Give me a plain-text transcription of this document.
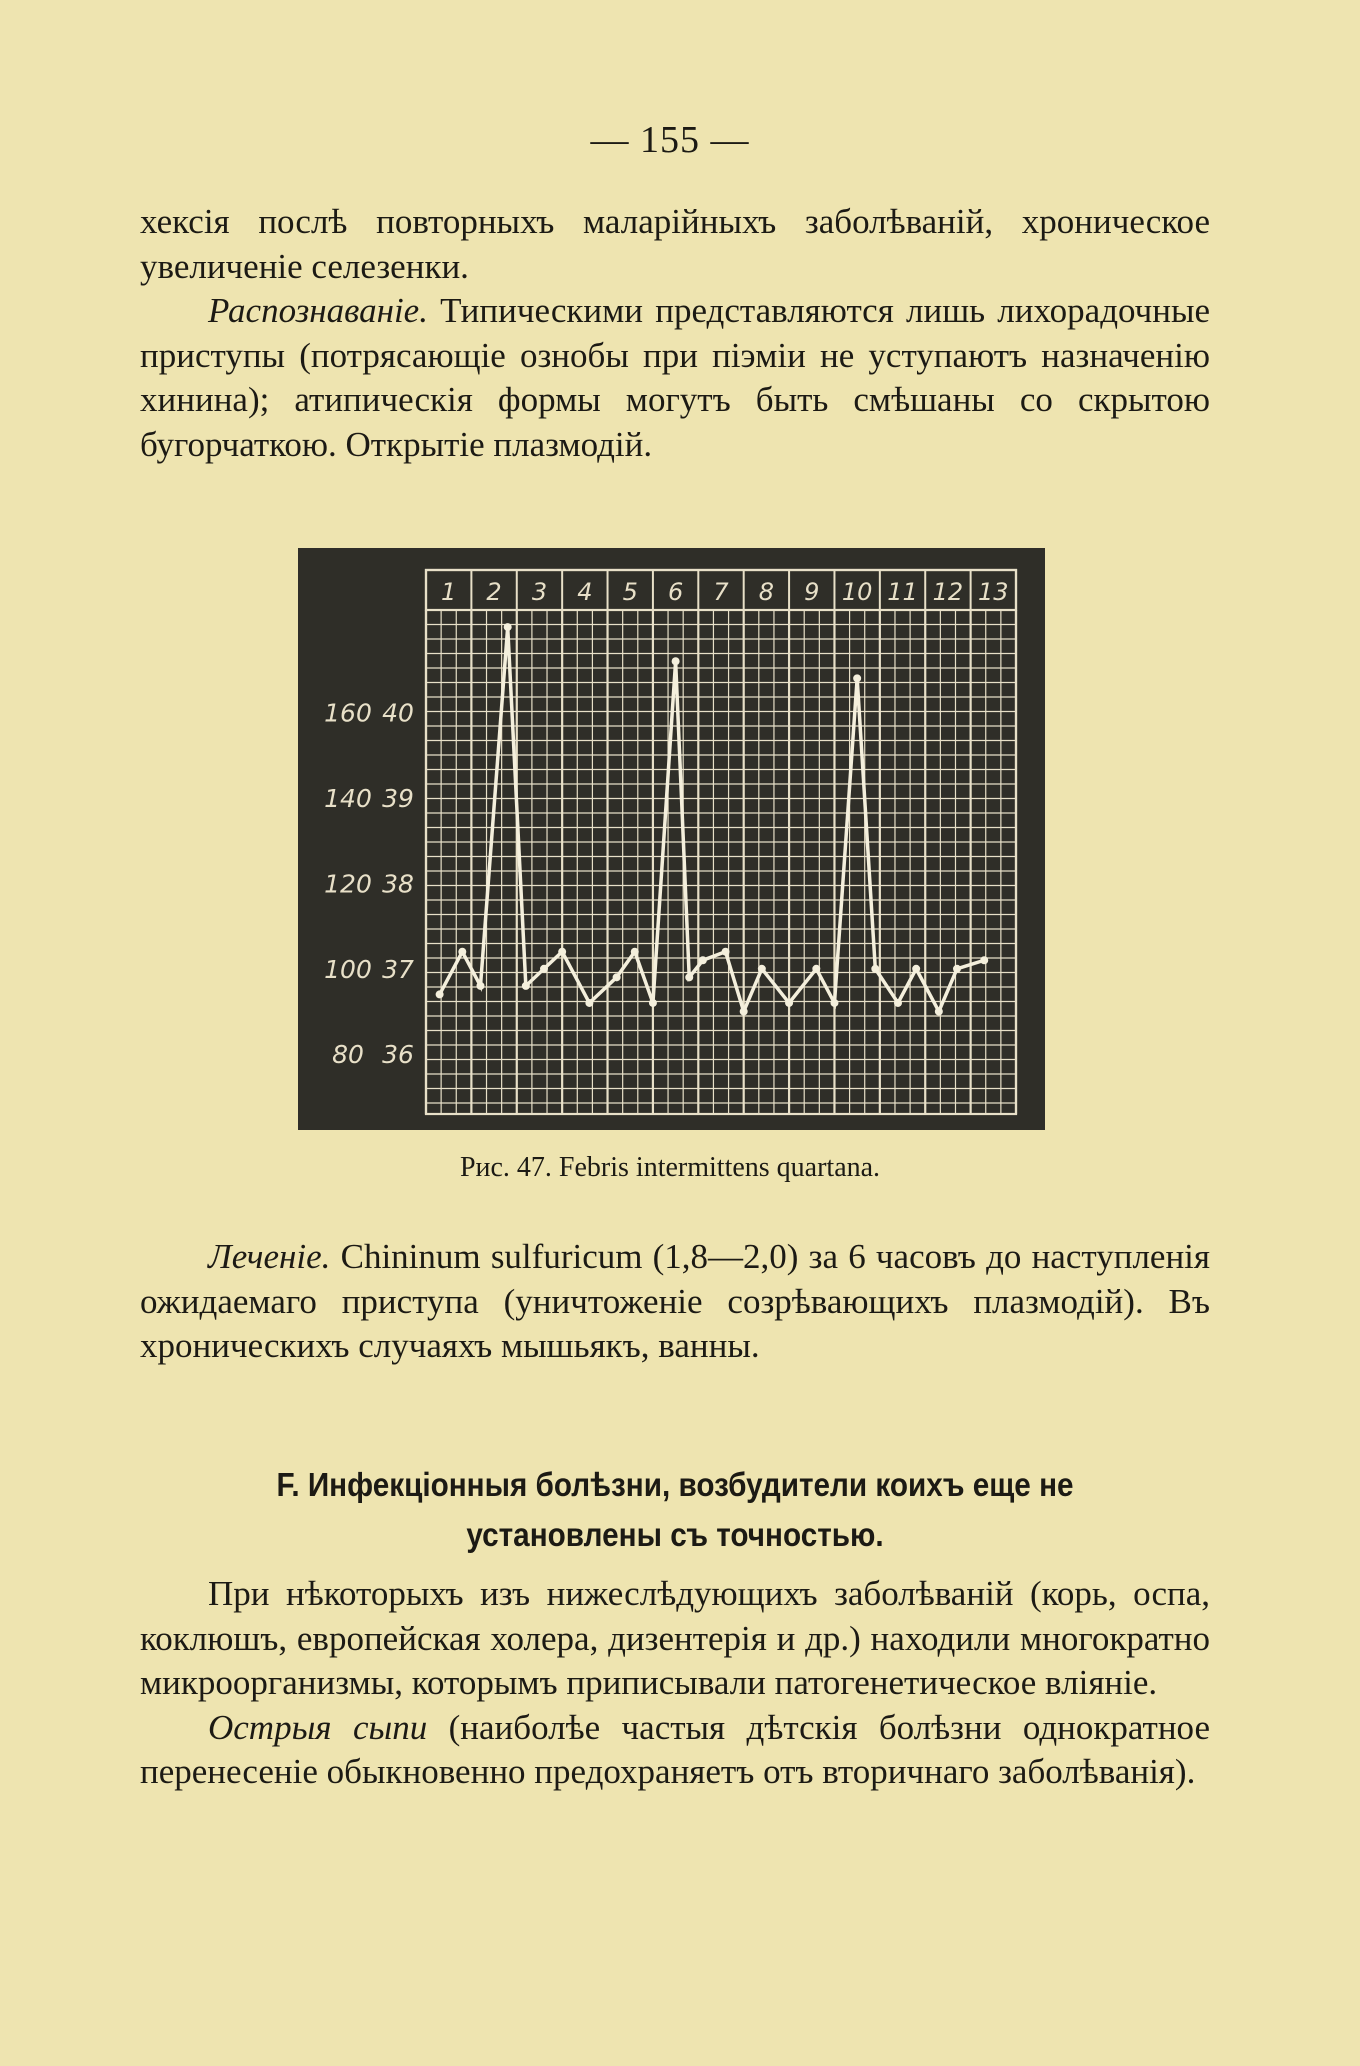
— 155 —

хексія послѣ повторныхъ маларійныхъ заболѣваній, хроническое увеличеніе селезенки.

Распознаваніе. Типическими представляются лишь лихорадочные приступы (потрясающіе ознобы при піэміи не уступаютъ назначенію хинина); атипическія формы могутъ быть смѣшаны со скрытою бугорчаткою. Открытіе плазмодій.

1 2 3 4 5 6 7 8 9 10 11 12 13
160 40
140 39
120 38
100 37
80 36
Рис. 47. Febris intermittens quartana.

Леченіе. Chininum sulfuricum (1,8—2,0) за 6 часовъ до наступленія ожидаемаго приступа (уничтоженіе созрѣвающихъ плазмодій). Въ хроническихъ случаяхъ мышьякъ, ванны.

F. Инфекціонныя болѣзни, возбудители коихъ еще не установлены съ точностью.

При нѣкоторыхъ изъ нижеслѣдующихъ заболѣваній (корь, оспа, коклюшъ, европейская холера, дизентерія и др.) находили многократно микроорганизмы, которымъ приписывали патогенетическое вліяніе.

Острыя сыпи (наиболѣе частыя дѣтскія болѣзни однократное перенесеніе обыкновенно предохраняетъ отъ вторичнаго заболѣванія).
